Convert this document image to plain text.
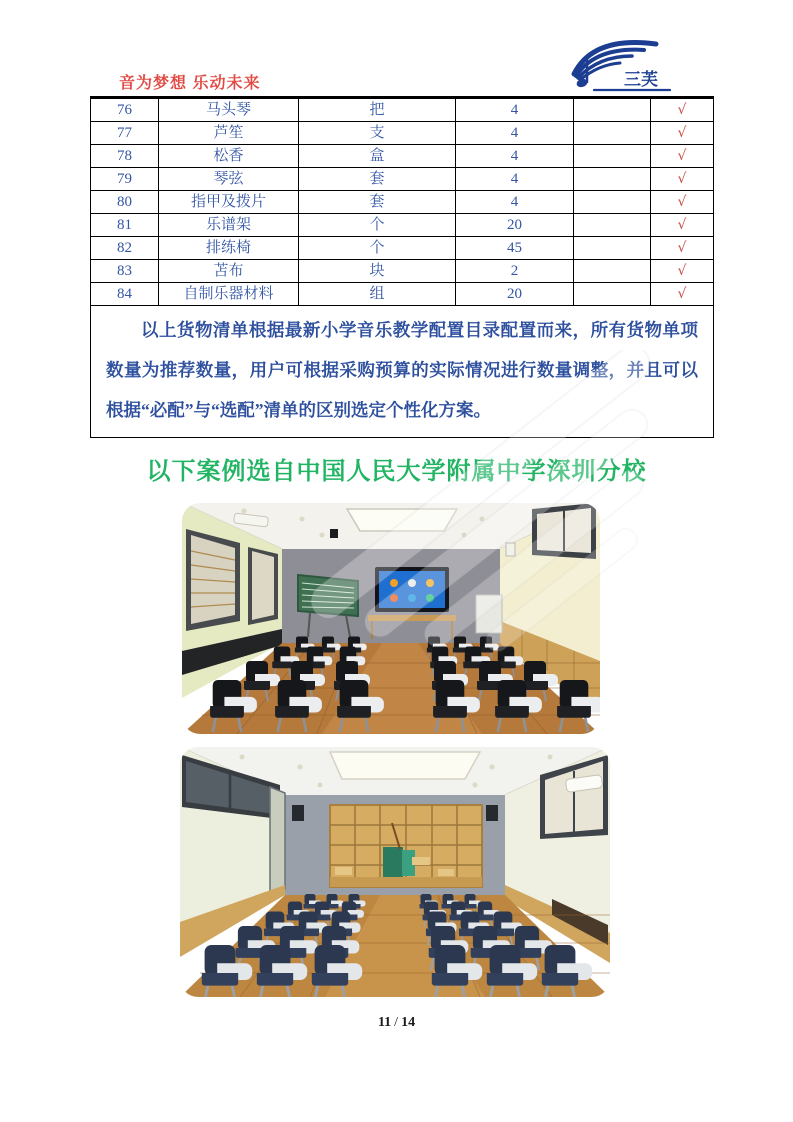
音为梦想 乐动未来	三芙
76	马头琴	把	4		√
77	芦笙	支	4		√
78	松香	盒	4		√
79	琴弦	套	4		√
80	指甲及拨片	套	4		√
81	乐谱架	个	20		√
82	排练椅	个	45		√
83	苫布	块	2		√
84	自制乐器材料	组	20		√
以上货物清单根据最新小学音乐教学配置目录配置而来，所有货物单项数量为推荐数量，用户可根据采购预算的实际情况进行数量调整，并且可以根据“必配”与“选配”清单的区别选定个性化方案。					
以下案例选自中国人民大学附属中学深圳分校
11 / 14
